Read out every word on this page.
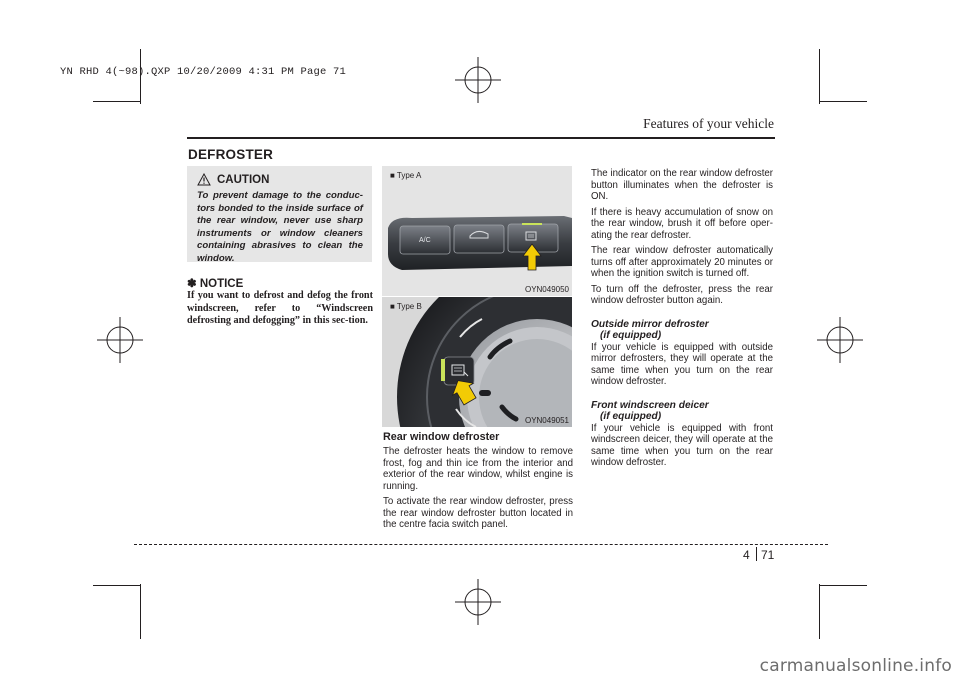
YN RHD 4(~98).QXP 10/20/2009 4:31 PM Page 71
Features of your vehicle
DEFROSTER
CAUTION
To prevent damage to the conduc-tors bonded to the inside surface of the rear window, never use sharp instruments or window cleaners containing abrasives to clean the window.
✽ NOTICE
If you want to defrost and defog the front windscreen, refer to “Windscreen defrosting and defogging” in this sec-tion.
■ Type A
A/C
OYN049050
■ Type B
OYN049051
Rear window defroster

The defroster heats the window to remove frost, fog and thin ice from the interior and exterior of the rear window, whilst engine is running.

To activate the rear window defroster, press the rear window defroster button located in the centre facia switch panel.

The indicator on the rear window defroster button illuminates when the defroster is ON.

If there is heavy accumulation of snow on the rear window, brush it off before oper-ating the rear defroster.

The rear window defroster automatically turns off after approximately 20 minutes or when the ignition switch is turned off.

To turn off the defroster, press the rear window defroster button again.

Outside mirror defroster
(if equipped)

If your vehicle is equipped with outside mirror defrosters, they will operate at the same time when you turn on the rear window defroster.

Front windscreen deicer
(if equipped)

If your vehicle is equipped with front windscreen deicer, they will operate at the same time when you turn on the rear window defroster.

4 71
carmanualsonline.info
